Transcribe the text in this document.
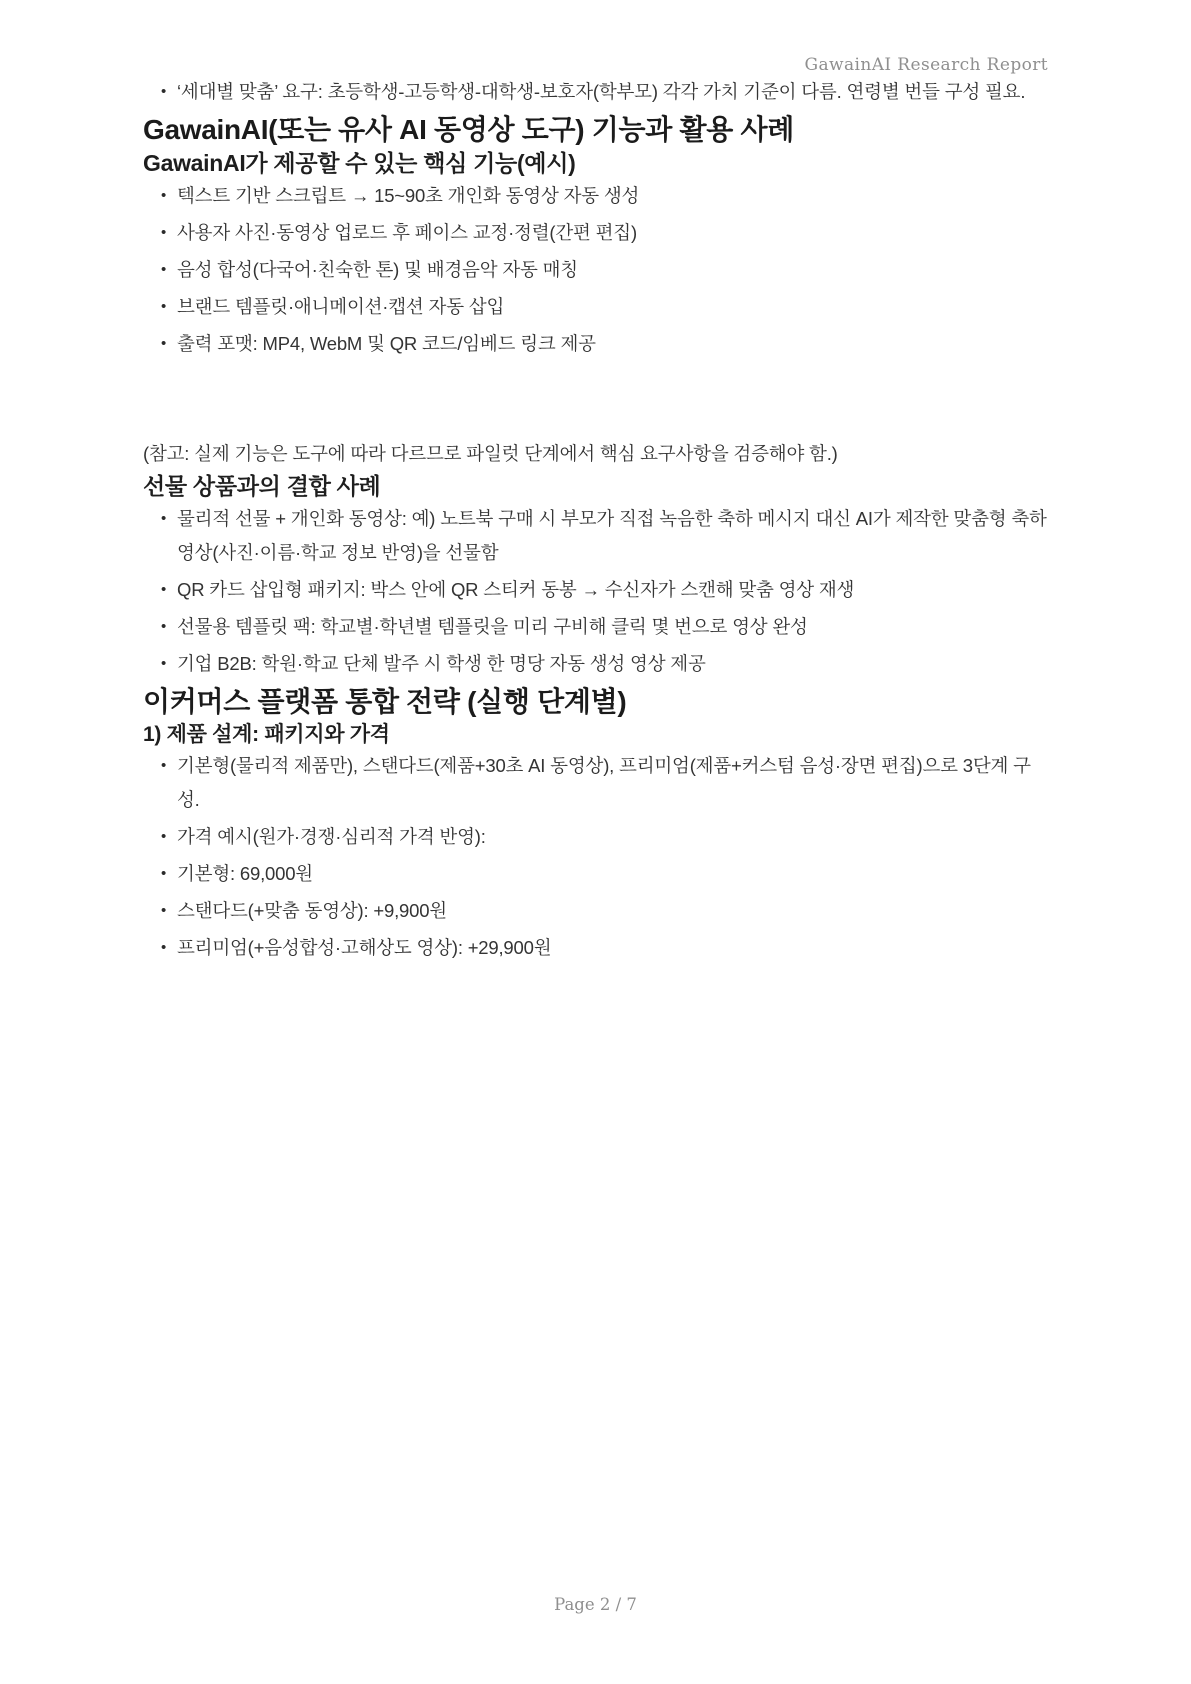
GawainAI Research Report
• ‘세대별 맞춤’ 요구: 초등학생-고등학생-대학생-보호자(학부모) 각각 가치 기준이 다름. 연령별 번들 구성 필요.
GawainAI(또는 유사 AI 동영상 도구) 기능과 활용 사례
GawainAI가 제공할 수 있는 핵심 기능(예시)
• 텍스트 기반 스크립트 → 15~90초 개인화 동영상 자동 생성
• 사용자 사진·동영상 업로드 후 페이스 교정·정렬(간편 편집)
• 음성 합성(다국어·친숙한 톤) 및 배경음악 자동 매칭
• 브랜드 템플릿·애니메이션·캡션 자동 삽입
• 출력 포맷: MP4, WebM 및 QR 코드/임베드 링크 제공

(참고: 실제 기능은 도구에 따라 다르므로 파일럿 단계에서 핵심 요구사항을 검증해야 함.)

선물 상품과의 결합 사례
• 물리적 선물 + 개인화 동영상: 예) 노트북 구매 시 부모가 직접 녹음한 축하 메시지 대신 AI가 제작한 맞춤형 축하 영상(사진·이름·학교 정보 반영)을 선물함
• QR 카드 삽입형 패키지: 박스 안에 QR 스티커 동봉 → 수신자가 스캔해 맞춤 영상 재생
• 선물용 템플릿 팩: 학교별·학년별 템플릿을 미리 구비해 클릭 몇 번으로 영상 완성
• 기업 B2B: 학원·학교 단체 발주 시 학생 한 명당 자동 생성 영상 제공
이커머스 플랫폼 통합 전략 (실행 단계별)
1) 제품 설계: 패키지와 가격
• 기본형(물리적 제품만), 스탠다드(제품+30초 AI 동영상), 프리미엄(제품+커스텀 음성·장면 편집)으로 3단계 구성.
• 가격 예시(원가·경쟁·심리적 가격 반영):
• 기본형: 69,000원
• 스탠다드(+맞춤 동영상): +9,900원
• 프리미엄(+음성합성·고해상도 영상): +29,900원
Page 2 / 7
